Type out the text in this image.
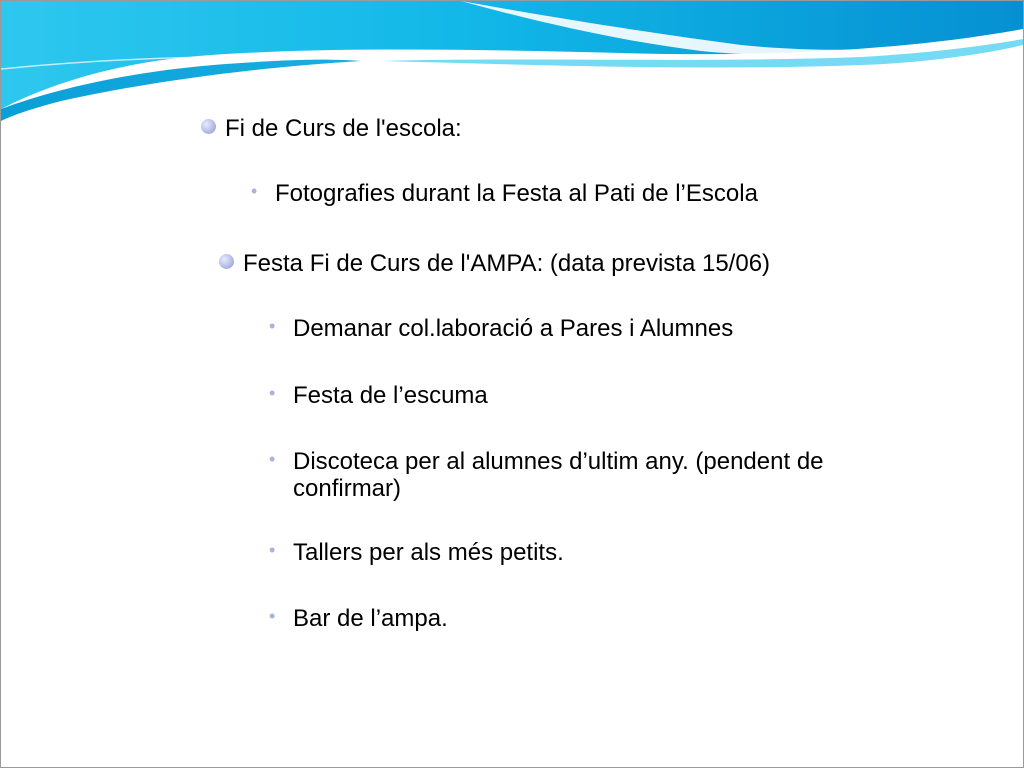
Fi de Curs de l'escola:
• Fotografies durant la Festa al Pati de l’Escola
Festa Fi de Curs de l'AMPA: (data prevista 15/06)
• Demanar col.laboració a Pares i Alumnes
• Festa de l’escuma
• Discoteca per al alumnes d’ultim any. (pendent de confirmar)
• Tallers per als més petits.
• Bar de l’ampa.
